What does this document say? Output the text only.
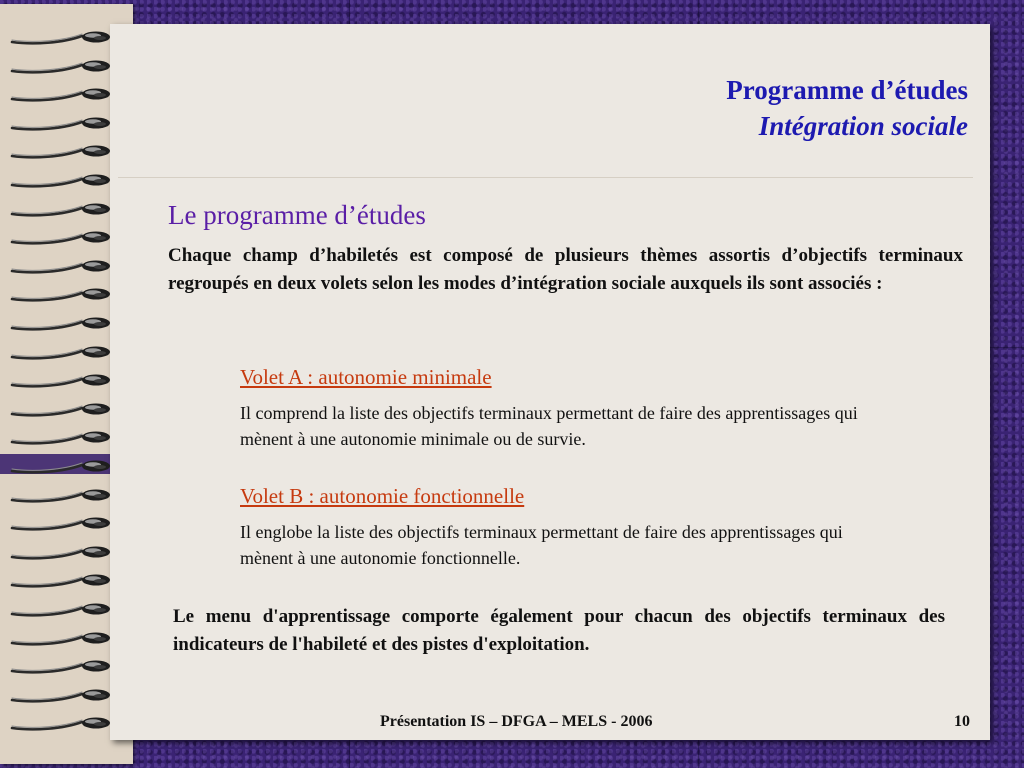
Programme d’études
Intégration sociale
Le programme d’études
Chaque champ d’habiletés est composé de plusieurs thèmes assortis d’objectifs terminaux regroupés en deux volets selon les modes d’intégration sociale auxquels ils sont associés :
Volet A : autonomie minimale
Il comprend la liste des objectifs terminaux permettant de faire des apprentissages qui mènent à une autonomie minimale ou de survie.
Volet B : autonomie fonctionnelle
Il englobe la liste des objectifs terminaux permettant de faire des apprentissages qui mènent à une autonomie fonctionnelle.
Le menu d'apprentissage comporte également pour chacun des objectifs terminaux des indicateurs de l'habileté et des pistes d'exploitation.
Présentation IS – DFGA – MELS - 2006	10
